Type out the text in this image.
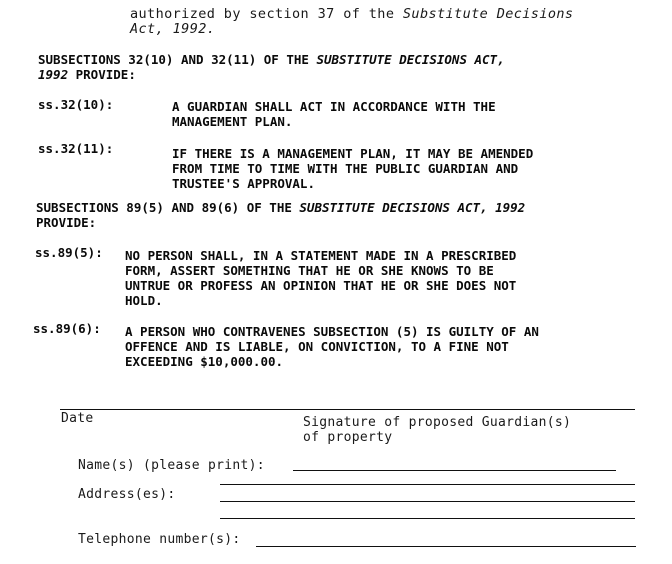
authorized by section 37 of the Substitute Decisions
Act, 1992.
SUBSECTIONS 32(10) AND 32(11) OF THE SUBSTITUTE DECISIONS ACT,
1992 PROVIDE:
ss.32(10):	A GUARDIAN SHALL ACT IN ACCORDANCE WITH THE
MANAGEMENT PLAN.
ss.32(11):	IF THERE IS A MANAGEMENT PLAN, IT MAY BE AMENDED
FROM TIME TO TIME WITH THE PUBLIC GUARDIAN AND
TRUSTEE'S APPROVAL.
SUBSECTIONS 89(5) AND 89(6) OF THE SUBSTITUTE DECISIONS ACT, 1992
PROVIDE:
ss.89(5): NO PERSON SHALL, IN A STATEMENT MADE IN A PRESCRIBED
FORM, ASSERT SOMETHING THAT HE OR SHE KNOWS TO BE
UNTRUE OR PROFESS AN OPINION THAT HE OR SHE DOES NOT
HOLD.
ss.89(6): A PERSON WHO CONTRAVENES SUBSECTION (5) IS GUILTY OF AN
OFFENCE AND IS LIABLE, ON CONVICTION, TO A FINE NOT
EXCEEDING $10,000.00.
Date	Signature of proposed Guardian(s)
of property
Name(s) (please print):
Address(es):
Telephone number(s):
